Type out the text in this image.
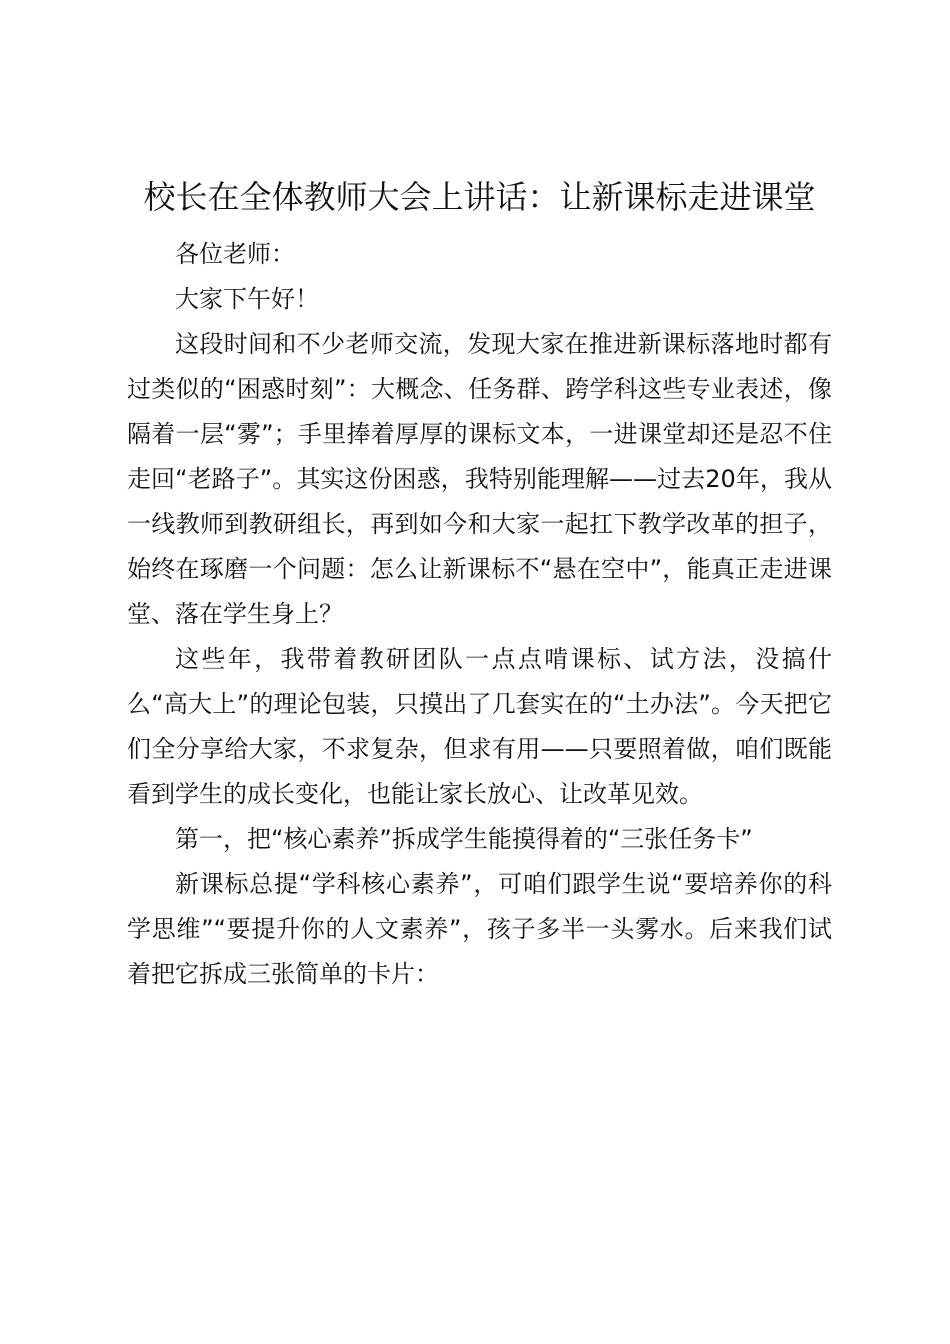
校长在全体教师大会上讲话：让新课标走进课堂

各位老师：

大家下午好！

这段时间和不少老师交流，发现大家在推进新课标落地时都有过类似的“困惑时刻”：大概念、任务群、跨学科这些专业表述，像隔着一层“雾”；手里捧着厚厚的课标文本，一进课堂却还是忍不住走回“老路子”。其实这份困惑，我特别能理解——过去20年，我从一线教师到教研组长，再到如今和大家一起扛下教学改革的担子，始终在琢磨一个问题：怎么让新课标不“悬在空中”，能真正走进课堂、落在学生身上？

这些年，我带着教研团队一点点啃课标、试方法，没搞什么“高大上”的理论包装，只摸出了几套实在的“土办法”。今天把它们全分享给大家，不求复杂，但求有用——只要照着做，咱们既能看到学生的成长变化，也能让家长放心、让改革见效。

第一，把“核心素养”拆成学生能摸得着的“三张任务卡”

新课标总提“学科核心素养”，可咱们跟学生说“要培养你的科学思维”“要提升你的人文素养”，孩子多半一头雾水。后来我们试着把它拆成三张简单的卡片：
